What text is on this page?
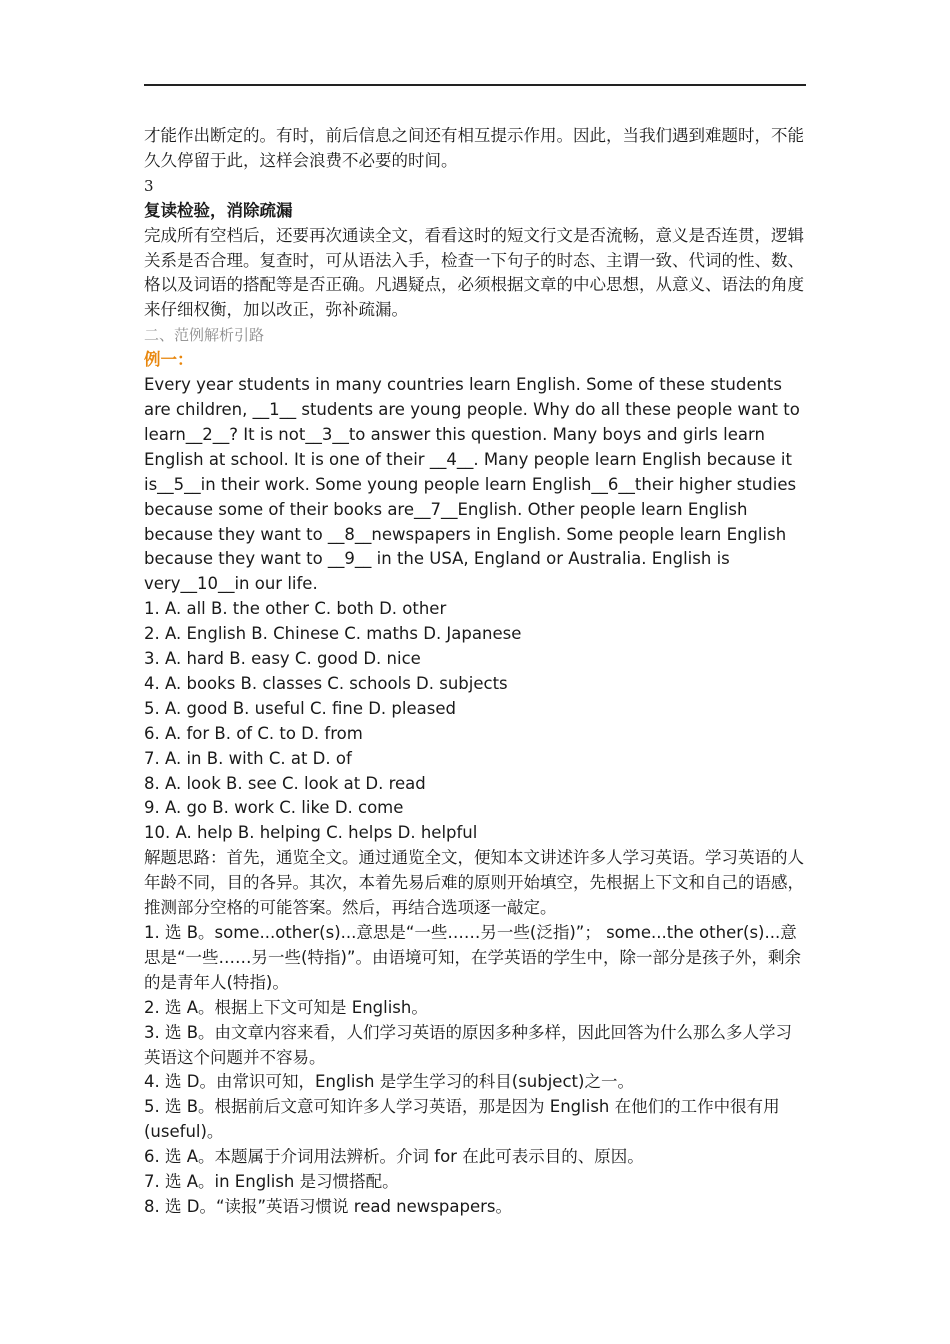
才能作出断定的。有时，前后信息之间还有相互提示作用。因此，当我们遇到难题时，不能久久停留于此，这样会浪费不必要的时间。

3

复读检验，消除疏漏

完成所有空档后，还要再次通读全文，看看这时的短文行文是否流畅，意义是否连贯，逻辑关系是否合理。复查时，可从语法入手，检查一下句子的时态、主谓一致、代词的性、数、格以及词语的搭配等是否正确。凡遇疑点，必须根据文章的中心思想，从意义、语法的角度来仔细权衡，加以改正，弥补疏漏。

二、范例解析引路

例一：

Every year students in many countries learn English. Some of these students are children, __1__ students are young people. Why do all these people want to learn__2__? It is not__3__to answer this question. Many boys and girls learn English at school. It is one of their __4__. Many people learn English because it is__5__in their work. Some young people learn English__6__their higher studies because some of their books are__7__English. Other people learn English because they want to __8__newspapers in English. Some people learn English because they want to __9__ in the USA, England or Australia. English is very__10__in our life.

1. A. all B. the other C. both D. other

2. A. English B. Chinese C. maths D. Japanese

3. A. hard B. easy C. good D. nice

4. A. books B. classes C. schools D. subjects

5. A. good B. useful C. fine D. pleased

6. A. for B. of C. to D. from

7. A. in B. with C. at D. of

8. A. look B. see C. look at D. read

9. A. go B. work C. like D. come

10. A. help B. helping C. helps D. helpful

解题思路：首先，通览全文。通过通览全文，便知本文讲述许多人学习英语。学习英语的人年龄不同，目的各异。其次，本着先易后难的原则开始填空，先根据上下文和自己的语感，推测部分空格的可能答案。然后，再结合选项逐一敲定。

1. 选 B。some...other(s)...意思是“一些……另一些(泛指)”； some...the other(s)...意思是“一些……另一些(特指)”。由语境可知，在学英语的学生中，除一部分是孩子外，剩余的是青年人(特指)。

2. 选 A。根据上下文可知是 English。

3. 选 B。由文章内容来看，人们学习英语的原因多种多样，因此回答为什么那么多人学习英语这个问题并不容易。

4. 选 D。由常识可知，English 是学生学习的科目(subject)之一。

5. 选 B。根据前后文意可知许多人学习英语，那是因为 English 在他们的工作中很有用(useful)。

6. 选 A。本题属于介词用法辨析。介词 for 在此可表示目的、原因。

7. 选 A。in English 是习惯搭配。

8. 选 D。“读报”英语习惯说 read newspapers。
